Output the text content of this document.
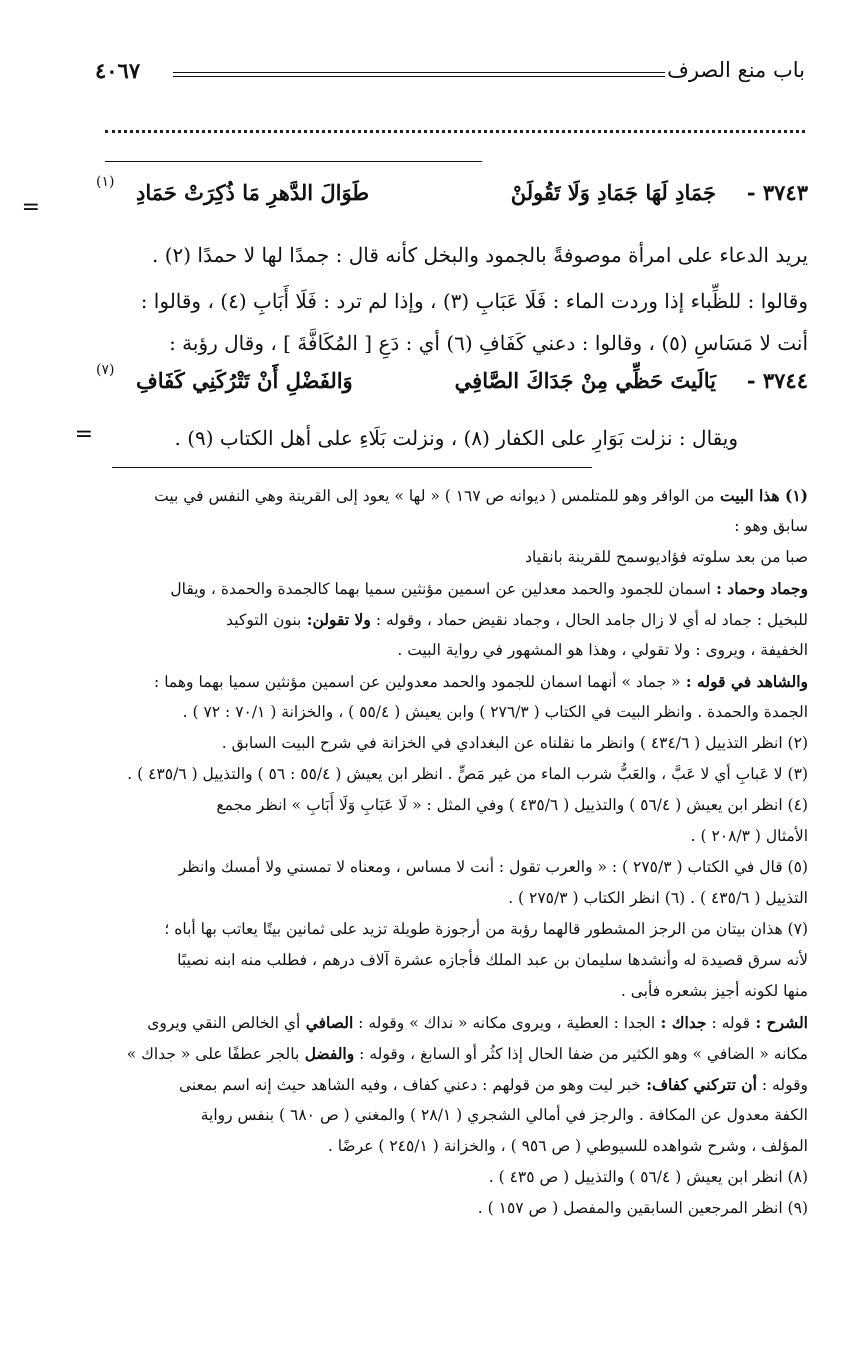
باب منع الصرف
٤٠٦٧
=
٣٧٤٣ -
جَمَادِ لَهَا جَمَادِ وَلَا تَقُولَنْ
طَوَالَ الدَّهرِ مَا ذُكِرَتْ حَمَادِ
(١)
يريد الدعاء على امرأة موصوفةً بالجمود والبخل كأنه قال : جمدًا لها لا حمدًا (٢) .
وقالوا : للظِّباء إذا وردت الماء : فَلَا عَبَابِ (٣) ، وإذا لم ترد : فَلَا أَبَابِ (٤) ، وقالوا :
أنت لا مَسَاسِ (٥) ، وقالوا : دعني كَفَافِ (٦) أي : دَعِ [ المُكَافَّةَ ] ، وقال رؤبة :
٣٧٤٤ -
يَالَيتَ حَظِّي مِنْ جَدَاكَ الصَّافِي
وَالفَضْلِ أَنْ تَتْرُكَنِي كَفَافِ
(٧)
ويقال : نزلت بَوَارِ على الكفار (٨) ، ونزلت بَلَاءِ على أهل الكتاب (٩) .
=
(١) هذا البيت من الوافر وهو للمتلمس ( ديوانه ص ١٦٧ ) « لها » يعود إلى القرينة وهي النفس في بيت
سابق وهو :
صبا من بعد سلوته فؤاديوسمح للقرينة بانقياد
وجماد وحماد : اسمان للجمود والحمد معدلين عن اسمين مؤنثين سميا بهما كالجمدة والحمدة ، ويقال
للبخيل : جماد له أي لا زال جامد الحال ، وجماد نقيض حماد ، وقوله : ولا تقولن: بنون التوكيد
الخفيفة ، ويروى : ولا تقولي ، وهذا هو المشهور في رواية البيت .
والشاهد في قوله : « جماد » أنهما اسمان للجمود والحمد معدولين عن اسمين مؤنثين سميا بهما وهما :
الجمدة والحمدة . وانظر البيت في الكتاب ( ٢٧٦/٣ ) وابن يعيش ( ٥٥/٤ ) ، والخزانة ( ٧٠/١ : ٧٢ ) .
(٢) انظر التذييل ( ٤٣٤/٦ ) وانظر ما نقلناه عن البغدادي في الخزانة في شرح البيت السابق .
(٣) لا عَبابِ أي لا عَبَّ ، والعَبُّ شرب الماء من غير مَصٍّ . انظر ابن يعيش ( ٥٥/٤ : ٥٦ ) والتذييل ( ٤٣٥/٦ ) .
(٤) انظر ابن يعيش ( ٥٦/٤ ) والتذييل ( ٤٣٥/٦ ) وفي المثل : « لَا عَبَابِ وَلَا أَبَابِ » انظر مجمع
الأمثال ( ٢٠٨/٣ ) .
(٥) قال في الكتاب ( ٢٧٥/٣ ) : « والعرب تقول : أنت لا مساس ، ومعناه لا تمسني ولا أمسك وانظر
التذييل ( ٤٣٥/٦ ) . (٦) انظر الكتاب ( ٢٧٥/٣ ) .
(٧) هذان بيتان من الرجز المشطور قالهما رؤبة من أرجوزة طويلة تزيد على ثمانين بيتًا يعاتب بها أباه ؛
لأنه سرق قصيدة له وأنشدها سليمان بن عبد الملك فأجازه عشرة آلاف درهم ، فطلب منه ابنه نصيبًا
منها لكونه أجيز بشعره فأبى .
الشرح : قوله : جداك : الجدا : العطية ، ويروى مكانه « نداك » وقوله : الصافي أي الخالص النقي ويروى
مكانه « الضافي » وهو الكثير من ضفا الحال إذا كثُر أو السابغ ، وقوله : والفضل بالجر عطفًا على « جداك »
وقوله : أن تتركني كفاف: خبر ليت وهو من قولهم : دعني كفاف ، وفيه الشاهد حيث إنه اسم بمعنى
الكفة معدول عن المكافة . والرجز في أمالي الشجري ( ٢٨/١ ) والمغني ( ص ٦٨٠ ) بنفس رواية
المؤلف ، وشرح شواهده للسيوطي ( ص ٩٥٦ ) ، والخزانة ( ٢٤٥/١ ) عرضًا .
(٨) انظر ابن يعيش ( ٥٦/٤ ) والتذييل ( ص ٤٣٥ ) .
(٩) انظر المرجعين السابقين والمفصل ( ص ١٥٧ ) .
